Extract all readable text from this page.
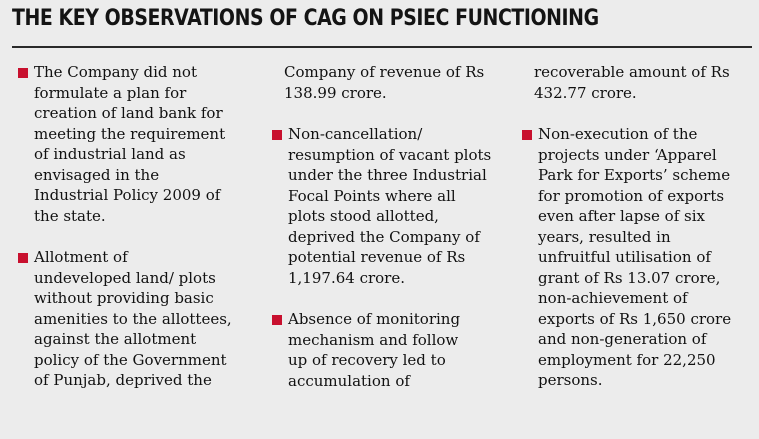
THE KEY OBSERVATIONS OF CAG ON PSIEC FUNCTIONING
The Company did not
formulate a plan for
creation of land bank for
meeting the requirement
of industrial land as
envisaged in the
Industrial Policy 2009 of
the state.
Allotment of
undeveloped land/ plots
without providing basic
amenities to the allottees,
against the allotment
policy of the Government
of Punjab, deprived the
Company of revenue of Rs
138.99 crore.
Non-cancellation/
resumption of vacant plots
under the three Industrial
Focal Points where all
plots stood allotted,
deprived the Company of
potential revenue of Rs
1,197.64 crore.
Absence of monitoring
mechanism and follow
up of recovery led to
accumulation of
recoverable amount of Rs
432.77 crore.
Non-execution of the
projects under ‘Apparel
Park for Exports’ scheme
for promotion of exports
even after lapse of six
years, resulted in
unfruitful utilisation of
grant of Rs 13.07 crore,
non-achievement of
exports of Rs 1,650 crore
and non-generation of
employment for 22,250
persons.
